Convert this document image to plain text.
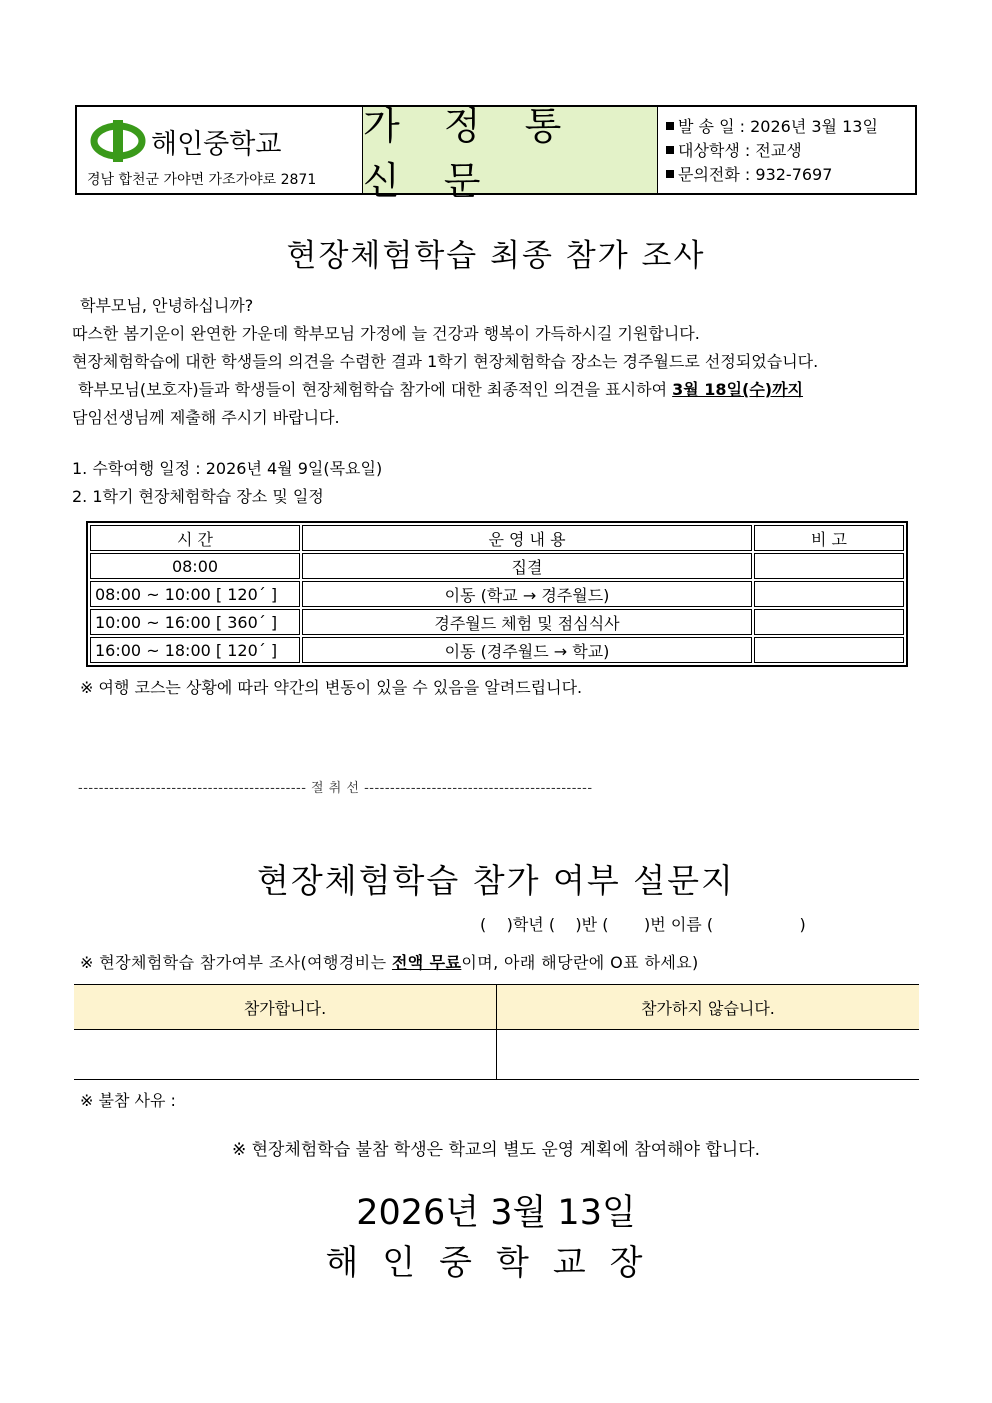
해인중학교
경남 합천군 가야면 가조가야로 2871
가 정 통 신 문
발 송 일 : 2026년 3월 13일
대상학생 : 전교생
문의전화 : 932-7697
현장체험학습 최종 참가 조사
학부모님, 안녕하십니까?
따스한 봄기운이 완연한 가운데 학부모님 가정에 늘 건강과 행복이 가득하시길 기원합니다.
현장체험학습에 대한 학생들의 의견을 수렴한 결과 1학기 현장체험학습 장소는 경주월드로 선정되었습니다.
학부모님(보호자)들과 학생들이 현장체험학습 참가에 대한 최종적인 의견을 표시하여 3월 18일(수)까지
담임선생님께 제출해 주시기 바랍니다.
1. 수학여행 일정 : 2026년 4월 9일(목요일)
2. 1학기 현장체험학습 장소 및 일정
시 간	운 영 내 용	비 고
08:00	집결	
08:00 ~ 10:00 [ 120´ ]	이동 (학교 → 경주월드)	
10:00 ~ 16:00 [ 360´ ]	경주월드 체험 및 점심식사	
16:00 ~ 18:00 [ 120´ ]	이동 (경주월드 → 학교)	
※ 여행 코스는 상황에 따라 약간의 변동이 있을 수 있음을 알려드립니다.
-------------------------------------------- 절 취 선 --------------------------------------------
현장체험학습 참가 여부 설문지
(    )학년 (    )반 (       )번 이름 (                 )
※ 현장체험학습 참가여부 조사(여행경비는 전액 무료이며, 아래 해당란에 O표 하세요)
참가합니다.	참가하지 않습니다.
※ 불참 사유 :
※ 현장체험학습 불참 학생은 학교의 별도 운영 계획에 참여해야 합니다.
2026년 3월 13일
해인중학교장
